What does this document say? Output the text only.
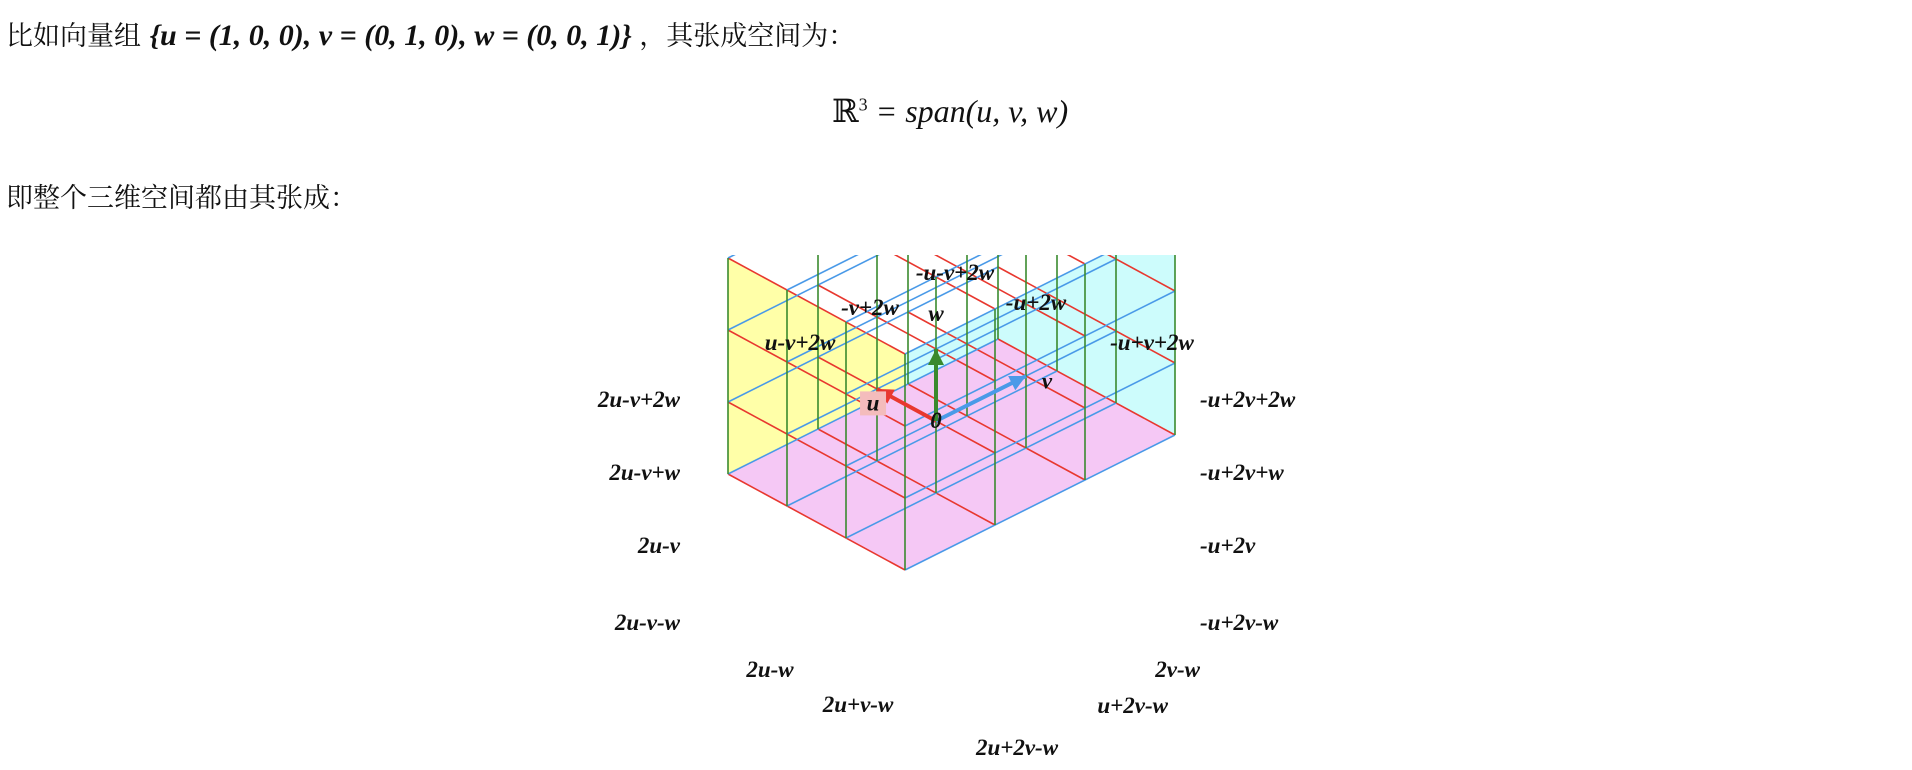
比如向量组 {u = (1, 0, 0), v = (0, 1, 0), w = (0, 0, 1)} ，其张成空间为：
ℝ$^3$ = span(u, v, w)
即整个三维空间都由其张成：
u
v
w
0
-u-v+2w
-v+2w	-u+2w
u-v+2w	-u+v+2w
2u-v+2w	-u+2v+2w
2u-v+w	-u+2v+w
2u-v	-u+2v
2u-v-w	-u+2v-w
2u-w	2v-w
2u+v-w	u+2v-w
2u+2v-w
